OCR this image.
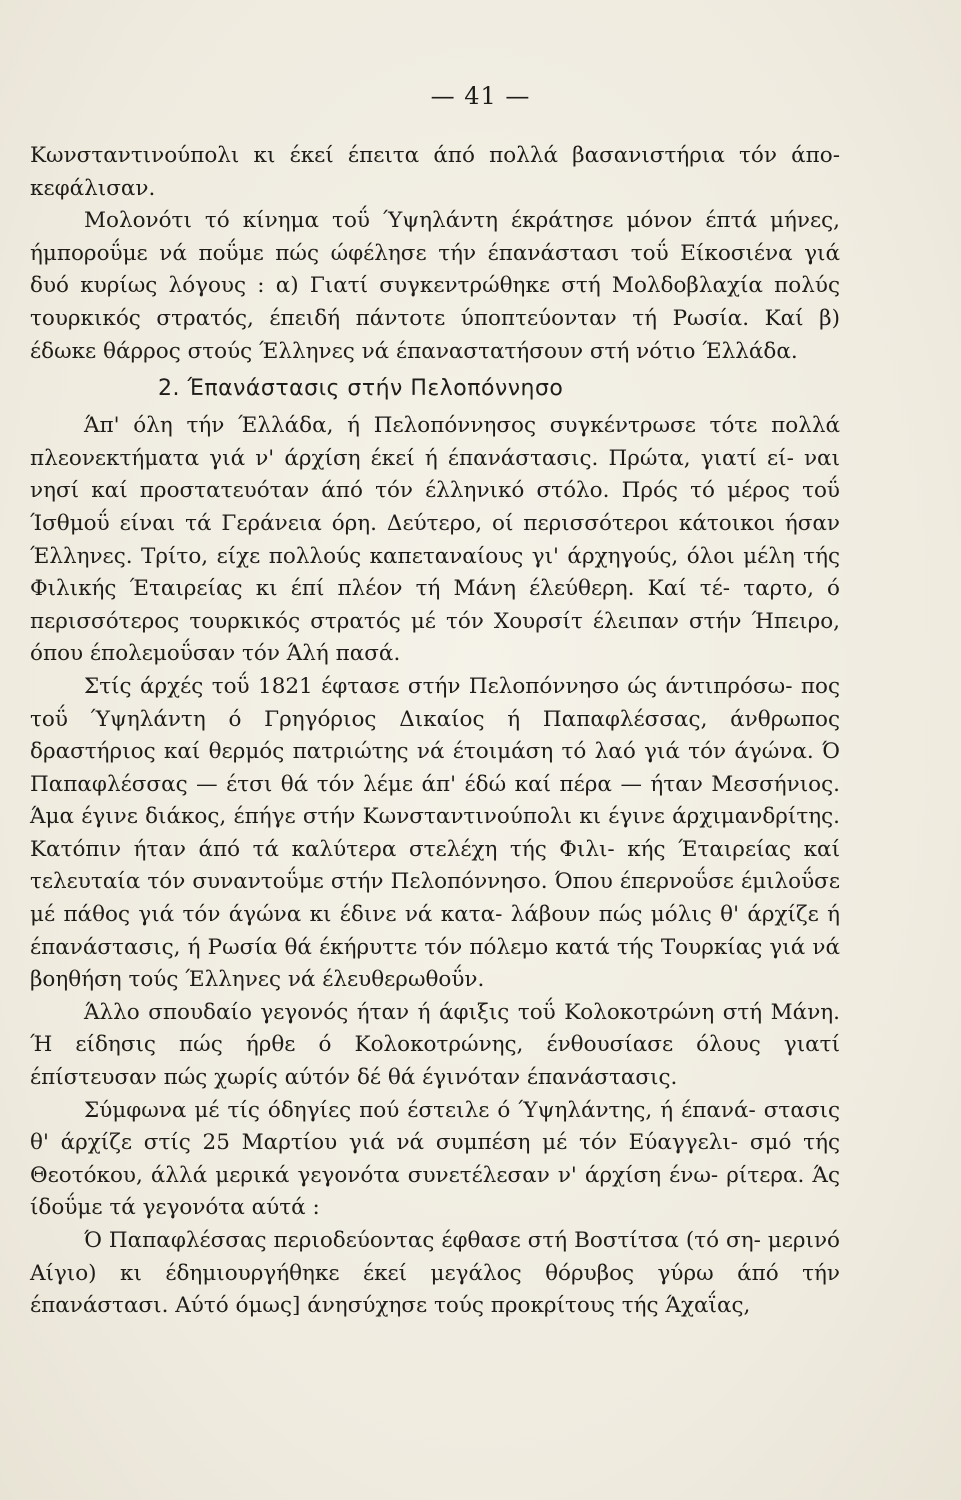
— 41 —

Κωνσταντινούπολι κι έκεί έπειτα άπό πολλά βασανιστήρια τόν άπο- κεφάλισαν.

Μολονότι τό κίνημα τοΰ Ύψηλάντη έκράτησε μόνον έπτά μήνες, ήμποροΰμε νά ποΰμε πώς ώφέλησε τήν έπανάστασι τοΰ Είκοσιένα γιά δυό κυρίως λόγους : α) Γιατί συγκεντρώθηκε στή Μολδοβλαχία πολύς τουρκικός στρατός, έπειδή πάντοτε ύποπτεύονταν τή Ρωσία. Καί β) έδωκε θάρρος στούς Έλληνες νά έπαναστατήσουν στή νότιο Έλλάδα.

2. Έπανάστασις στήν Πελοπόννησο

Άπ' όλη τήν Έλλάδα, ή Πελοπόννησος συγκέντρωσε τότε πολλά πλεονεκτήματα γιά ν' άρχίση έκεί ή έπανάστασις. Πρώτα, γιατί εί- ναι νησί καί προστατευόταν άπό τόν έλληνικό στόλο. Πρός τό μέρος τοΰ Ίσθμοΰ είναι τά Γεράνεια όρη. Δεύτερο, οί περισσότεροι κάτοικοι ήσαν Έλληνες. Τρίτο, είχε πολλούς καπεταναίους γι' άρχηγούς, όλοι μέλη τής Φιλικής Έταιρείας κι έπί πλέον τή Μάνη έλεύθερη. Καί τέ- ταρτο, ό περισσότερος τουρκικός στρατός μέ τόν Χουρσίτ έλειπαν στήν Ήπειρο, όπου έπολεμοΰσαν τόν Άλή πασά.

Στίς άρχές τοΰ 1821 έφτασε στήν Πελοπόννησο ώς άντιπρόσω- πος τοΰ Ύψηλάντη ό Γρηγόριος Δικαίος ή Παπαφλέσσας, άνθρωπος δραστήριος καί θερμός πατριώτης νά έτοιμάση τό λαό γιά τόν άγώνα. Ό Παπαφλέσσας — έτσι θά τόν λέμε άπ' έδώ καί πέρα — ήταν Μεσσήνιος. Άμα έγινε διάκος, έπήγε στήν Κωνσταντινούπολι κι έγινε άρχιμανδρίτης. Κατόπιν ήταν άπό τά καλύτερα στελέχη τής Φιλι- κής Έταιρείας καί τελευταία τόν συναντοΰμε στήν Πελοπόννησο. Όπου έπερνοΰσε έμιλοΰσε μέ πάθος γιά τόν άγώνα κι έδινε νά κατα- λάβουν πώς μόλις θ' άρχίζε ή έπανάστασις, ή Ρωσία θά έκήρυττε τόν πόλεμο κατά τής Τουρκίας γιά νά βοηθήση τούς Έλληνες νά έλευθερωθοΰν.

Άλλο σπουδαίο γεγονός ήταν ή άφιξις τοΰ Κολοκοτρώνη στή Μάνη. Ή είδησις πώς ήρθε ό Κολοκοτρώνης, ένθουσίασε όλους γιατί έπίστευσαν πώς χωρίς αύτόν δέ θά έγινόταν έπανάστασις.

Σύμφωνα μέ τίς όδηγίες πού έστειλε ό Ύψηλάντης, ή έπανά- στασις θ' άρχίζε στίς 25 Μαρτίου γιά νά συμπέση μέ τόν Εύαγγελι- σμό τής Θεοτόκου, άλλά μερικά γεγονότα συνετέλεσαν ν' άρχίση ένω- ρίτερα. Άς ίδοΰμε τά γεγονότα αύτά :

Ό Παπαφλέσσας περιοδεύοντας έφθασε στή Βοστίτσα (τό ση- μερινό Αίγιο) κι έδημιουργήθηκε έκεί μεγάλος θόρυβος γύρω άπό τήν έπανάστασι. Αύτό όμως] άνησύχησε τούς προκρίτους τής Άχαΐας,
